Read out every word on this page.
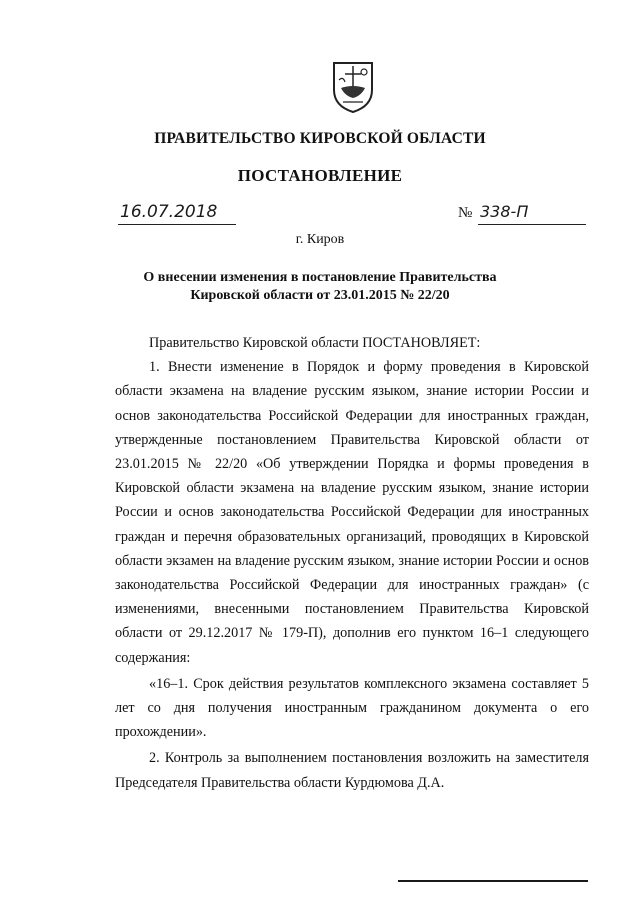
ПРАВИТЕЛЬСТВО КИРОВСКОЙ ОБЛАСТИ
ПОСТАНОВЛЕНИЕ
16.07.2018	№ 338-П
г. Киров
О внесении изменения в постановление Правительства
Кировской области от 23.01.2015 № 22/20

Правительство Кировской области ПОСТАНОВЛЯЕТ:

1. Внести изменение в Порядок и форму проведения в Кировской области экзамена на владение русским языком, знание истории России и основ законодательства Российской Федерации для иностранных граждан, утвержденные постановлением Правительства Кировской области от 23.01.2015 № 22/20 «Об утверждении Порядка и формы проведения в Кировской области экзамена на владение русским языком, знание истории России и основ законодательства Российской Федерации для иностранных граждан и перечня образовательных организаций, проводящих в Кировской области экзамен на владение русским языком, знание истории России и основ законодательства Российской Федерации для иностранных граждан» (с изменениями, внесенными постановлением Правительства Кировской области от 29.12.2017 № 179-П), дополнив его пунктом 16–1 следующего содержания:

«16–1. Срок действия результатов комплексного экзамена составляет 5 лет со дня получения иностранным гражданином документа о его прохождении».

2. Контроль за выполнением постановления возложить на заместителя Председателя Правительства области Курдюмова Д.А.
